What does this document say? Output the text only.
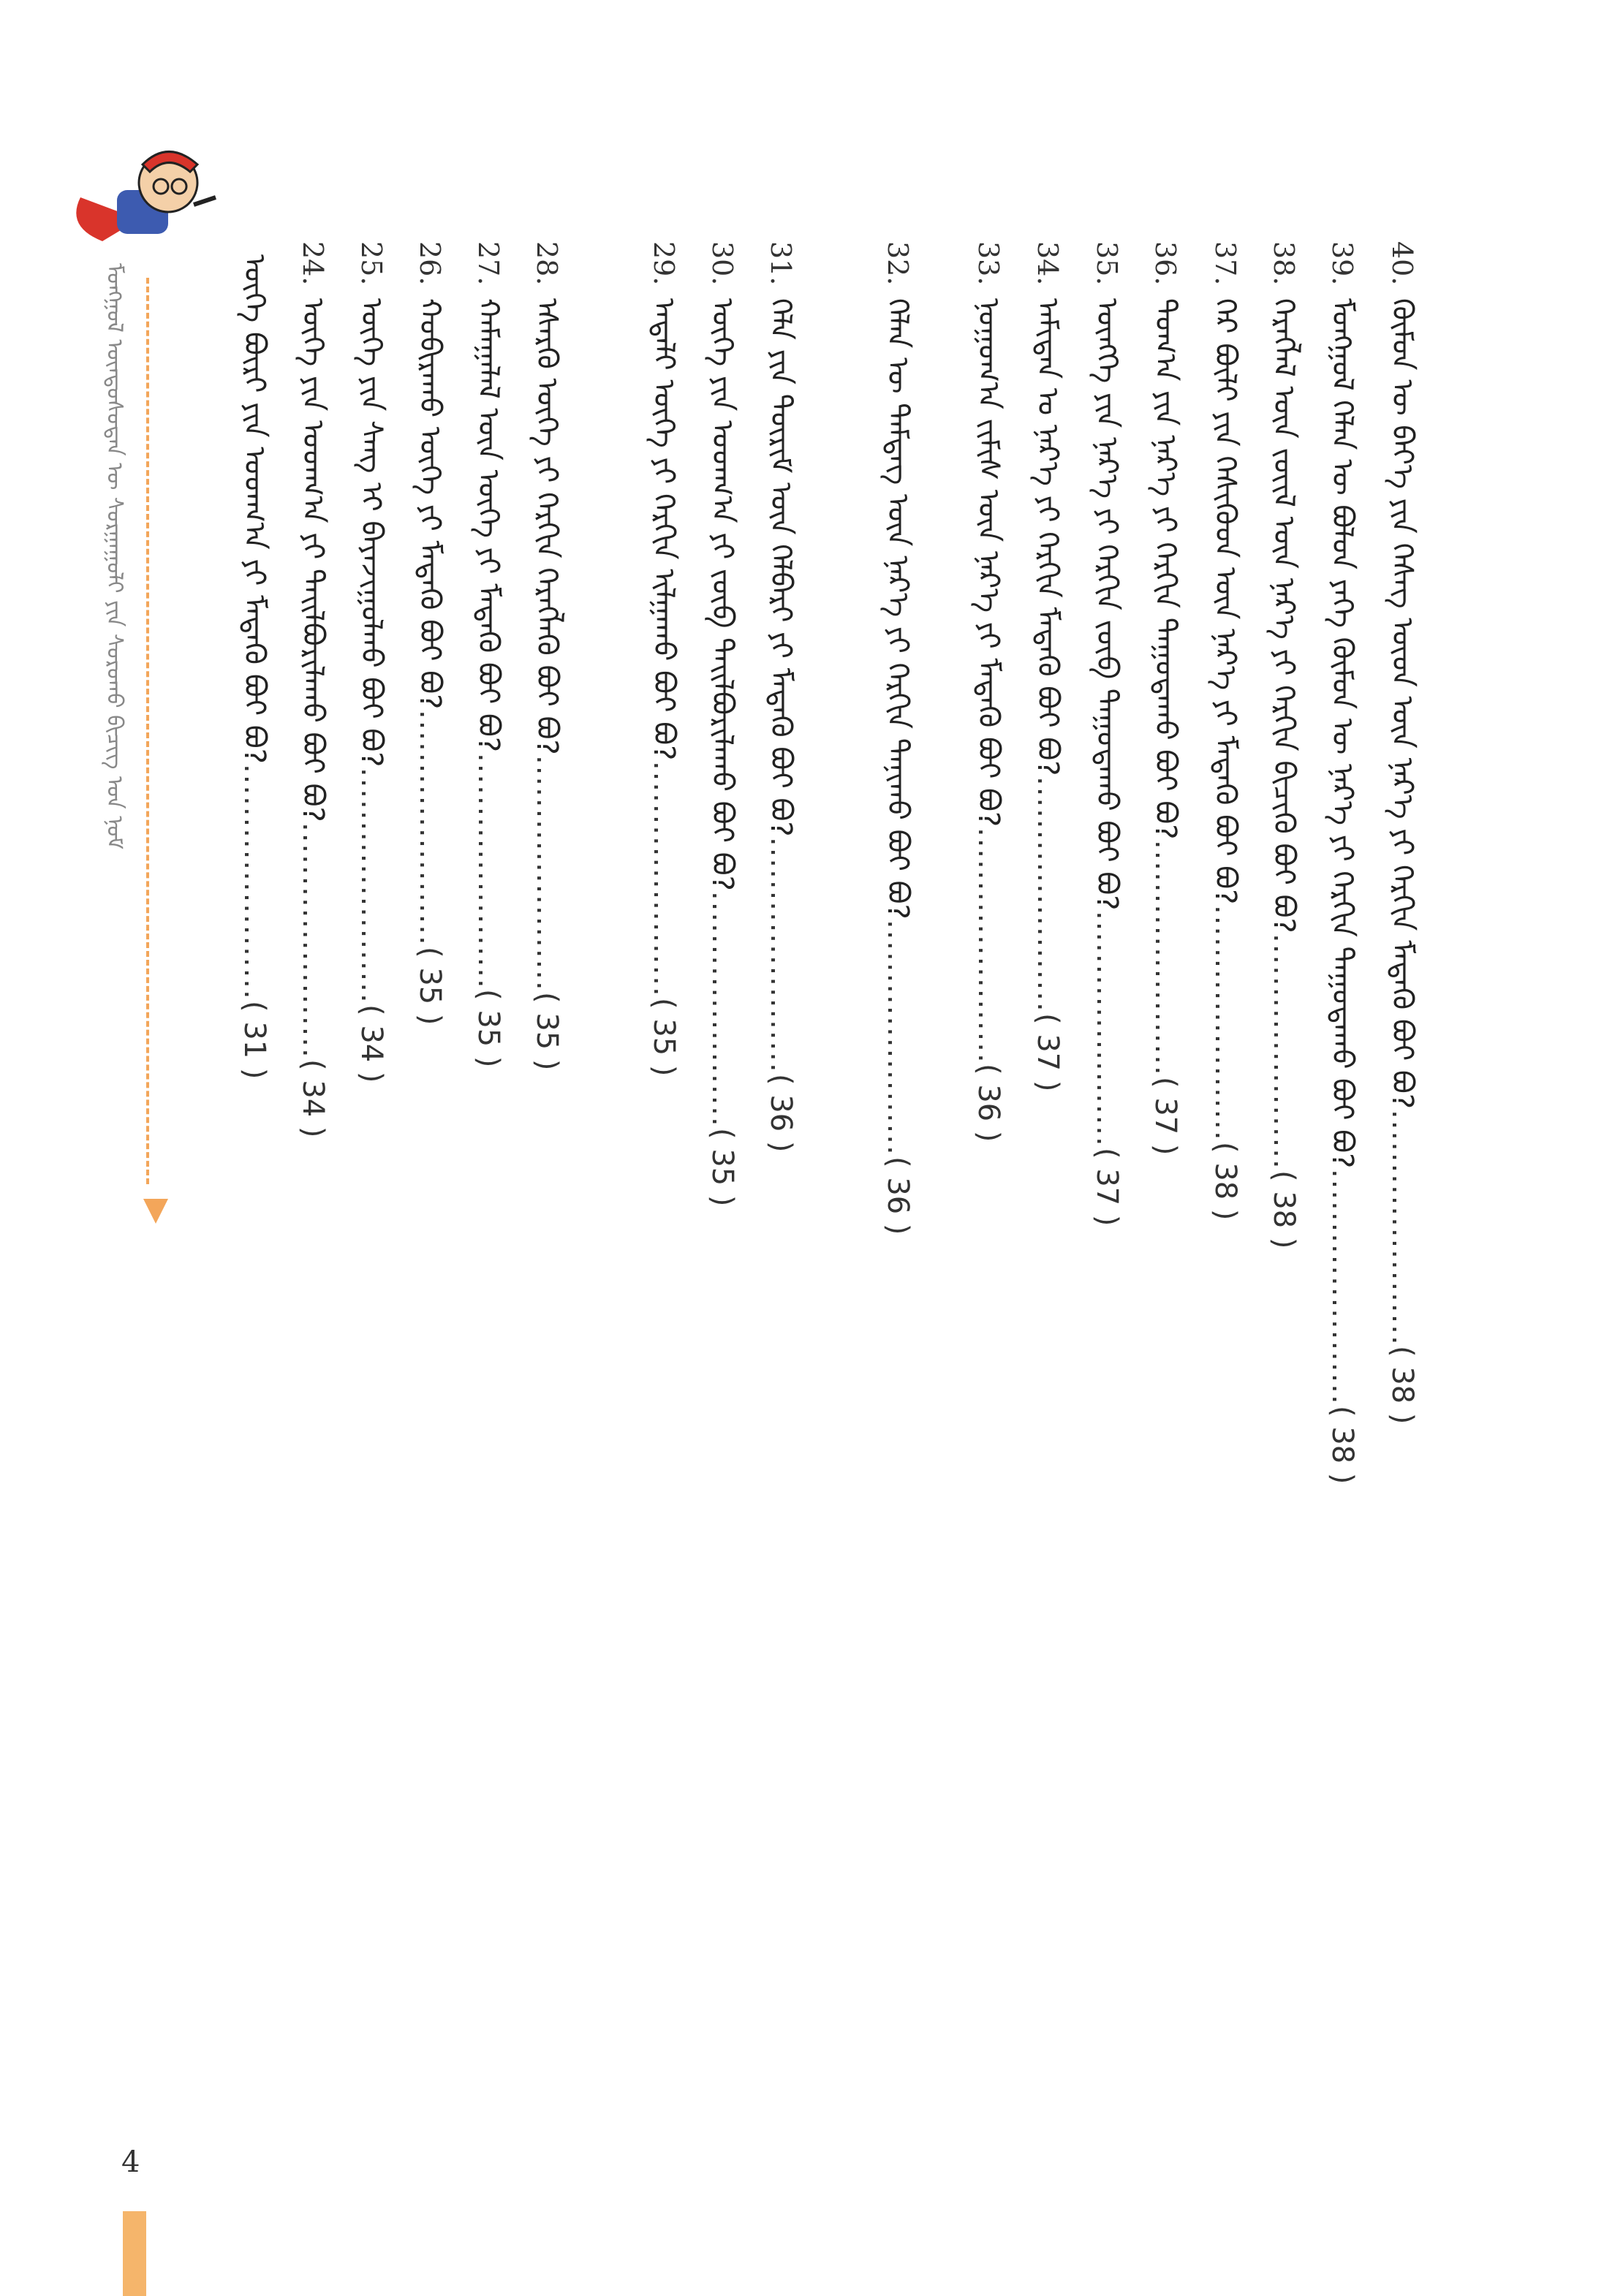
ᠮᠣᠩᠭᠣᠯ ᠦᠨᠳᠦᠰᠦᠲᠡᠨ ᠦ ᠰᠤᠷᠭᠠᠭᠤᠯᠢ ᠶᠢᠨ ᠰᠤᠷᠤᠬᠤ ᠪᠢᠴᠢᠭ ᠤᠨ ᠨᠣᠮ	40.ᠬᠦᠮᠦᠨ ᠦ ᠪᠡᠶ᠎ᠡ ᠶᠢᠨ ᠬᠡᠰᠡᠭ ᠦᠳ ᠦᠨ ᠨᠡᠷ᠎ᠡ ᠶᠢ ᠬᠡᠷᠬᠢᠨ ᠮᠡᠳᠡᠬᠦ ᠪᠤᠢ ᠪᠤ?......................( 38 )
39.ᠮᠣᠩᠭᠣᠯ ᠬᠡᠯᠡᠨ ᠦ ᠪᠣᠯᠤᠨ ᠶᠡᠬᠡ ᠬᠦᠮᠦᠨ ᠦ ᠨᠡᠷ᠎ᠡ ᠶᠢ ᠬᠡᠷᠬᠢᠨ ᠳᠠᠭᠤᠳᠠᠬᠤ ᠪᠤᠢ ᠪᠤ?......................( 38 )
38.ᠬᠡᠷᠡᠭᠯᠡᠯ ᠦᠨ ᠵᠦᠢᠯ ᠦᠨ ᠨᠡᠷ᠎ᠡ ᠶᠢ ᠬᠡᠷᠬᠢᠨ ᠪᠢᠴᠢᠬᠦ ᠪᠤᠢ ᠪᠤ?......................( 38 )
37.ᠭᠡᠷ ᠪᠦᠯᠢ ᠶᠢᠨ ᠭᠡᠰᠢᠭᠦᠳ ᠦᠨ ᠨᠡᠷ᠎ᠡ ᠶᠢ ᠮᠡᠳᠡᠬᠦ ᠪᠤᠢ ᠪᠤ?......................( 38 )
36.ᠲᠣᠭ᠎ᠠ ᠶᠢᠨ ᠨᠡᠷ᠎ᠡ ᠶᠢ ᠬᠡᠷᠬᠢᠨ ᠳᠠᠭᠤᠳᠠᠬᠤ ᠪᠤᠢ ᠪᠤ?......................( 37 )
35.ᠥᠩᠭᠡ ᠶᠢᠨ ᠨᠡᠷ᠎ᠡ ᠶᠢ ᠬᠡᠷᠬᠢᠨ ᠵᠥᠪ ᠳᠠᠭᠤᠳᠠᠬᠤ ᠪᠤᠢ ᠪᠤ?......................( 37 )
34.ᠠᠮᠢᠲᠠᠨ ᠤ ᠨᠡᠷ᠎ᠡ ᠶᠢ ᠬᠡᠷᠬᠢᠨ ᠮᠡᠳᠡᠬᠦ ᠪᠤᠢ ᠪᠤ?......................( 37 )
33.ᠨᠣᠭᠤᠭ᠎ᠠ ᠵᠢᠮᠢᠰ ᠦᠨ ᠨᠡᠷ᠎ᠡ ᠶᠢ ᠮᠡᠳᠡᠬᠦ ᠪᠤᠢ ᠪᠤ?......................( 36 )
32.ᠬᠡᠯᠡᠨ ᠦ ᠲᠡᠮᠳᠡᠭ ᠦᠨ ᠨᠡᠷ᠎ᠡ ᠶᠢ ᠬᠡᠷᠬᠢᠨ ᠲᠠᠨᠢᠬᠤ ᠪᠤᠢ ᠪᠤ?......................( 36 )
31.ᠬᠡᠯᠡ ᠶᠢᠨ ᠳᠦᠷᠢᠮ ᠦᠨ ᠬᠡᠯᠪᠡᠷᠢ ᠶᠢ ᠮᠡᠳᠡᠬᠦ ᠪᠤᠢ ᠪᠤ?......................( 36 )
30.ᠦᠭᠡ ᠶᠢᠨ ᠤᠳᠬ᠎ᠠ ᠶᠢ ᠵᠥᠪ ᠲᠠᠢᠯᠪᠤᠷᠢᠯᠠᠬᠤ ᠪᠤᠢ ᠪᠤ?......................( 35 )
29.ᠠᠳᠠᠯᠢ ᠦᠭᠡ ᠶᠢ ᠬᠡᠷᠬᠢᠨ ᠢᠯᠭᠠᠬᠤ ᠪᠤᠢ ᠪᠤ?......................( 35 )
28.ᠡᠰᠡᠷᠭᠦ ᠦᠭᠡ ᠶᠢ ᠬᠡᠷᠬᠢᠨ ᠬᠡᠷᠡᠭᠯᠡᠬᠦ ᠪᠤᠢ ᠪᠤ?......................( 35 )
27.ᠬᠠᠮᠠᠭᠠᠯᠠᠯ ᠦᠨ ᠦᠭᠡ ᠶᠢ ᠮᠡᠳᠡᠬᠦ ᠪᠤᠢ ᠪᠤ?......................( 35 )
26.ᠬᠤᠪᠢᠷᠠᠬᠤ ᠦᠭᠡ ᠶᠢ ᠮᠡᠳᠡᠬᠦ ᠪᠤᠢ ᠪᠤ?......................( 35 )
25.ᠦᠭᠡ ᠶᠢᠨ ᠰᠠᠩ ᠢ ᠪᠠᠶᠠᠵᠢᠭᠤᠯᠬᠤ ᠪᠤᠢ ᠪᠤ?......................( 34 )
24.ᠦᠭᠡ ᠶᠢᠨ ᠤᠳᠬ᠎ᠠ ᠶᠢ ᠲᠠᠢᠯᠪᠤᠷᠢᠯᠠᠬᠤ ᠪᠤᠢ ᠪᠤ?......................( 34 )
ᠦᠭᠡ ᠪᠦᠷᠢ ᠶᠢᠨ ᠤᠳᠬ᠎ᠠ ᠶᠢ ᠮᠡᠳᠡᠬᠦ ᠪᠤᠢ ᠪᠤ?......................( 31 )
4
